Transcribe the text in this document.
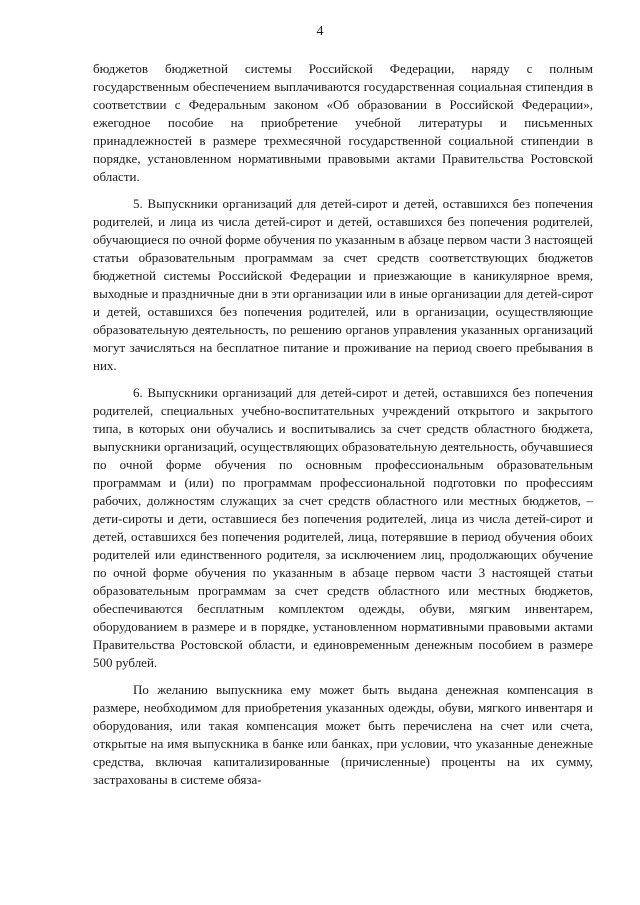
4

бюджетов бюджетной системы Российской Федерации, наряду с полным государственным обеспечением выплачиваются государственная социальная стипендия в соответствии с Федеральным законом «Об образовании в Российской Федерации», ежегодное пособие на приобретение учебной литературы и письменных принадлежностей в размере трехмесячной государственной социальной стипендии в порядке, установленном нормативными правовыми актами Правительства Ростовской области.

5. Выпускники организаций для детей-сирот и детей, оставшихся без попечения родителей, и лица из числа детей-сирот и детей, оставшихся без попечения родителей, обучающиеся по очной форме обучения по указанным в абзаце первом части 3 настоящей статьи образовательным программам за счет средств соответствующих бюджетов бюджетной системы Российской Федерации и приезжающие в каникулярное время, выходные и праздничные дни в эти организации или в иные организации для детей-сирот и детей, оставшихся без попечения родителей, или в организации, осуществляющие образовательную деятельность, по решению органов управления указанных организаций могут зачисляться на бесплатное питание и проживание на период своего пребывания в них.

6. Выпускники организаций для детей-сирот и детей, оставшихся без попечения родителей, специальных учебно-воспитательных учреждений открытого и закрытого типа, в которых они обучались и воспитывались за счет средств областного бюджета, выпускники организаций, осуществляющих образовательную деятельность, обучавшиеся по очной форме обучения по основным профессиональным образовательным программам и (или) по программам профессиональной подготовки по профессиям рабочих, должностям служащих за счет средств областного или местных бюджетов, – дети-сироты и дети, оставшиеся без попечения родителей, лица из числа детей-сирот и детей, оставшихся без попечения родителей, лица, потерявшие в период обучения обоих родителей или единственного родителя, за исключением лиц, продолжающих обучение по очной форме обучения по указанным в абзаце первом части 3 настоящей статьи образовательным программам за счет средств областного или местных бюджетов, обеспечиваются бесплатным комплектом одежды, обуви, мягким инвентарем, оборудованием в размере и в порядке, установленном нормативными правовыми актами Правительства Ростовской области, и единовременным денежным пособием в размере 500 рублей.

По желанию выпускника ему может быть выдана денежная компенсация в размере, необходимом для приобретения указанных одежды, обуви, мягкого инвентаря и оборудования, или такая компенсация может быть перечислена на счет или счета, открытые на имя выпускника в банке или банках, при условии, что указанные денежные средства, включая капитализированные (причисленные) проценты на их сумму, застрахованы в системе обяза-
